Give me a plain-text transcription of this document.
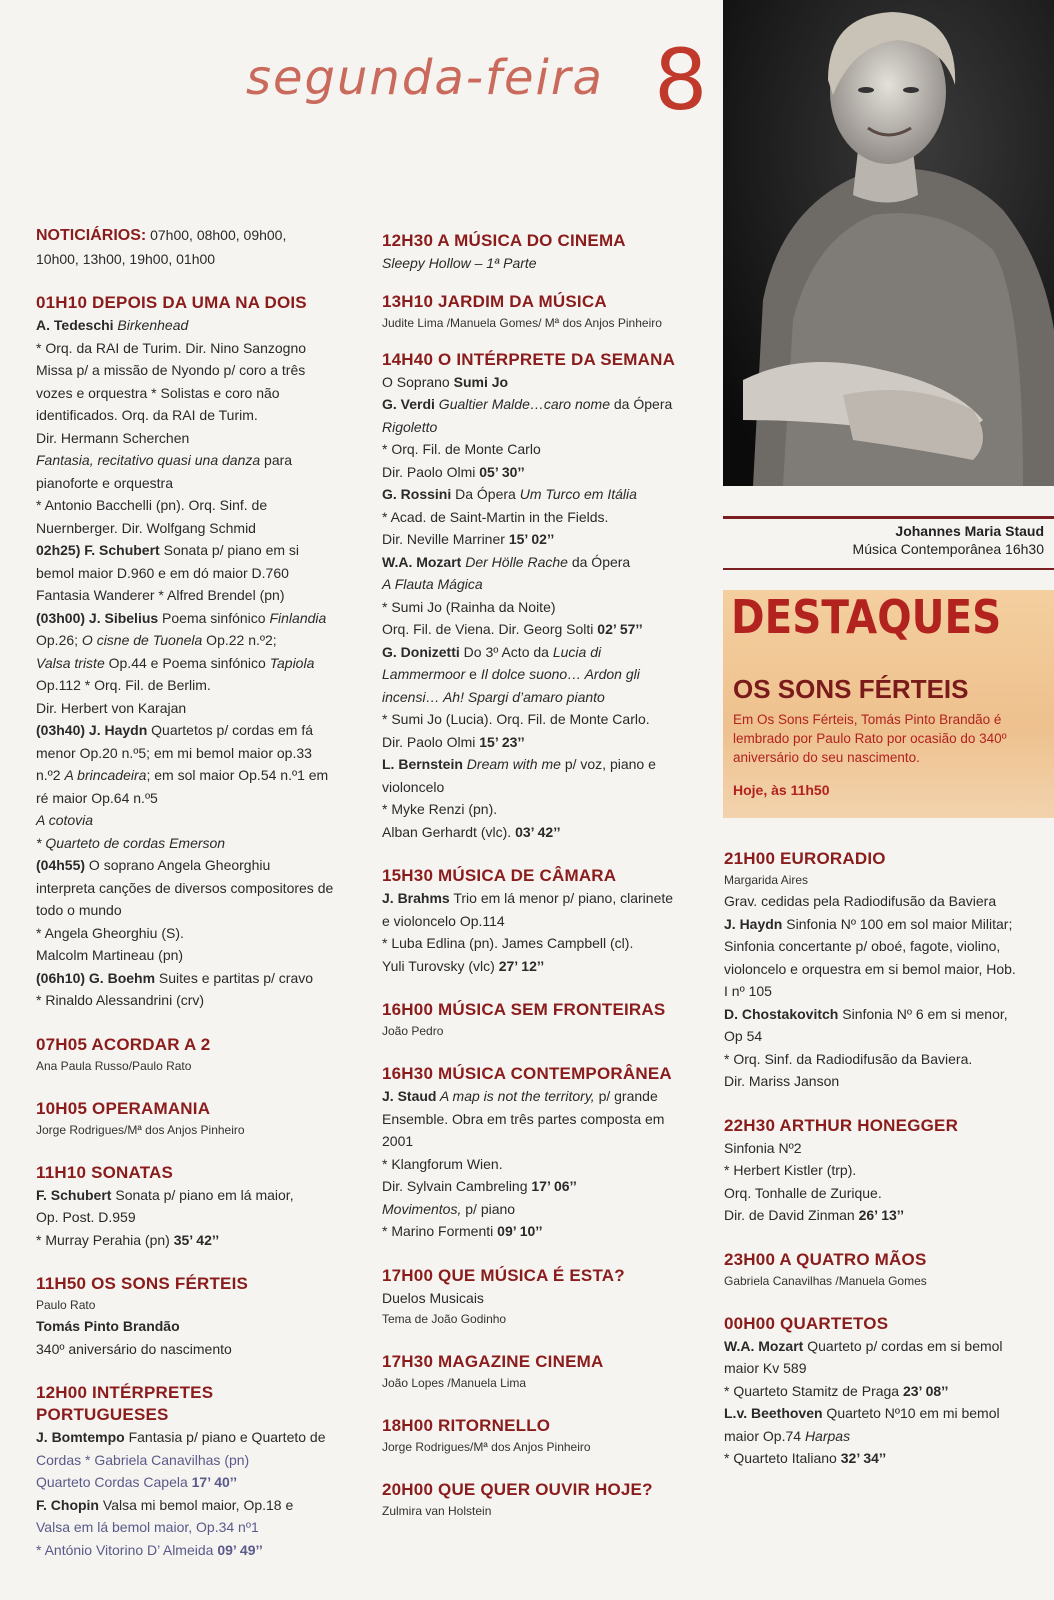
segunda-feira 8
Johannes Maria Staud
Música Contemporânea 16h30
DESTAQUES
OS SONS FÉRTEIS
Em Os Sons Férteis, Tomás Pinto Brandão é lembrado por Paulo Rato por ocasião do 340º aniversário do seu nascimento.
Hoje, às 11h50
NOTICIÁRIOS: 07h00, 08h00, 09h00,
10h00, 13h00, 19h00, 01h00
01H10 DEPOIS DA UMA NA DOIS
A. Tedeschi Birkenhead
* Orq. da RAI de Turim. Dir. Nino Sanzogno
Missa p/ a missão de Nyondo p/ coro a três
vozes e orquestra * Solistas e coro não
identificados. Orq. da RAI de Turim.
Dir. Hermann Scherchen
Fantasia, recitativo quasi una danza para
pianoforte e orquestra
* Antonio Bacchelli (pn). Orq. Sinf. de
Nuernberger. Dir. Wolfgang Schmid
02h25) F. Schubert Sonata p/ piano em si
bemol maior D.960 e em dó maior D.760
Fantasia Wanderer * Alfred Brendel (pn)
(03h00) J. Sibelius Poema sinfónico Finlandia
Op.26; O cisne de Tuonela Op.22 n.º2;
Valsa triste Op.44 e Poema sinfónico Tapiola
Op.112 * Orq. Fil. de Berlim.
Dir. Herbert von Karajan
(03h40) J. Haydn Quartetos p/ cordas em fá
menor Op.20 n.º5; em mi bemol maior op.33
n.º2 A brincadeira; em sol maior Op.54 n.º1 em
ré maior Op.64 n.º5
A cotovia
* Quarteto de cordas Emerson
(04h55) O soprano Angela Gheorghiu
interpreta canções de diversos compositores de
todo o mundo
* Angela Gheorghiu (S).
Malcolm Martineau (pn)
(06h10) G. Boehm Suites e partitas p/ cravo
* Rinaldo Alessandrini (crv)
07H05 ACORDAR A 2
Ana Paula Russo/Paulo Rato
10H05 OPERAMANIA
Jorge Rodrigues/Mª dos Anjos Pinheiro
11H10 SONATAS
F. Schubert Sonata p/ piano em lá maior,
Op. Post. D.959
* Murray Perahia (pn) 35’ 42’’
11H50 OS SONS FÉRTEIS
Paulo Rato
Tomás Pinto Brandão
340º aniversário do nascimento
12H00 INTÉRPRETES
PORTUGUESES
J. Bomtempo Fantasia p/ piano e Quarteto de
Cordas * Gabriela Canavilhas (pn)
Quarteto Cordas Capela 17’ 40’’
F. Chopin Valsa mi bemol maior, Op.18 e
Valsa em lá bemol maior, Op.34 nº1
* António Vitorino D’ Almeida 09’ 49’’
12H30 A MÚSICA DO CINEMA
Sleepy Hollow – 1ª Parte
13H10 JARDIM DA MÚSICA
Judite Lima /Manuela Gomes/ Mª dos Anjos Pinheiro
14H40 O INTÉRPRETE DA SEMANA
O Soprano Sumi Jo
G. Verdi Gualtier Malde…caro nome da Ópera
Rigoletto
* Orq. Fil. de Monte Carlo
Dir. Paolo Olmi 05’ 30’’
G. Rossini Da Ópera Um Turco em Itália
* Acad. de Saint-Martin in the Fields.
Dir. Neville Marriner 15’ 02’’
W.A. Mozart Der Hölle Rache da Ópera
A Flauta Mágica
* Sumi Jo (Rainha da Noite)
Orq. Fil. de Viena. Dir. Georg Solti 02’ 57’’
G. Donizetti Do 3º Acto da Lucia di
Lammermoor e Il dolce suono… Ardon gli
incensi… Ah! Spargi d’amaro pianto
* Sumi Jo (Lucia). Orq. Fil. de Monte Carlo.
Dir. Paolo Olmi 15’ 23’’
L. Bernstein Dream with me p/ voz, piano e
violoncelo
* Myke Renzi (pn).
Alban Gerhardt (vlc). 03’ 42’’
15H30 MÚSICA DE CÂMARA
J. Brahms Trio em lá menor p/ piano, clarinete
e violoncelo Op.114
* Luba Edlina (pn). James Campbell (cl).
Yuli Turovsky (vlc) 27’ 12’’
16H00 MÚSICA SEM FRONTEIRAS
João Pedro
16H30 MÚSICA CONTEMPORÂNEA
J. Staud A map is not the territory, p/ grande
Ensemble. Obra em três partes composta em
2001
* Klangforum Wien.
Dir. Sylvain Cambreling 17’ 06’’
Movimentos, p/ piano
* Marino Formenti 09’ 10’’
17H00 QUE MÚSICA É ESTA?
Duelos Musicais
Tema de João Godinho
17H30 MAGAZINE CINEMA
João Lopes /Manuela Lima
18H00 RITORNELLO
Jorge Rodrigues/Mª dos Anjos Pinheiro
20H00 QUE QUER OUVIR HOJE?
Zulmira van Holstein
21H00 EURORADIO
Margarida Aires
Grav. cedidas pela Radiodifusão da Baviera
J. Haydn Sinfonia Nº 100 em sol maior Militar;
Sinfonia concertante p/ oboé, fagote, violino,
violoncelo e orquestra em si bemol maior, Hob.
I nº 105
D. Chostakovitch Sinfonia Nº 6 em si menor,
Op 54
* Orq. Sinf. da Radiodifusão da Baviera.
Dir. Mariss Janson
22H30 ARTHUR HONEGGER
Sinfonia Nº2
* Herbert Kistler (trp).
Orq. Tonhalle de Zurique.
Dir. de David Zinman 26’ 13’’
23H00 A QUATRO MÃOS
Gabriela Canavilhas /Manuela Gomes
00H00 QUARTETOS
W.A. Mozart Quarteto p/ cordas em si bemol
maior Kv 589
* Quarteto Stamitz de Praga 23’ 08’’
L.v. Beethoven Quarteto Nº10 em mi bemol
maior Op.74 Harpas
* Quarteto Italiano 32’ 34’’
